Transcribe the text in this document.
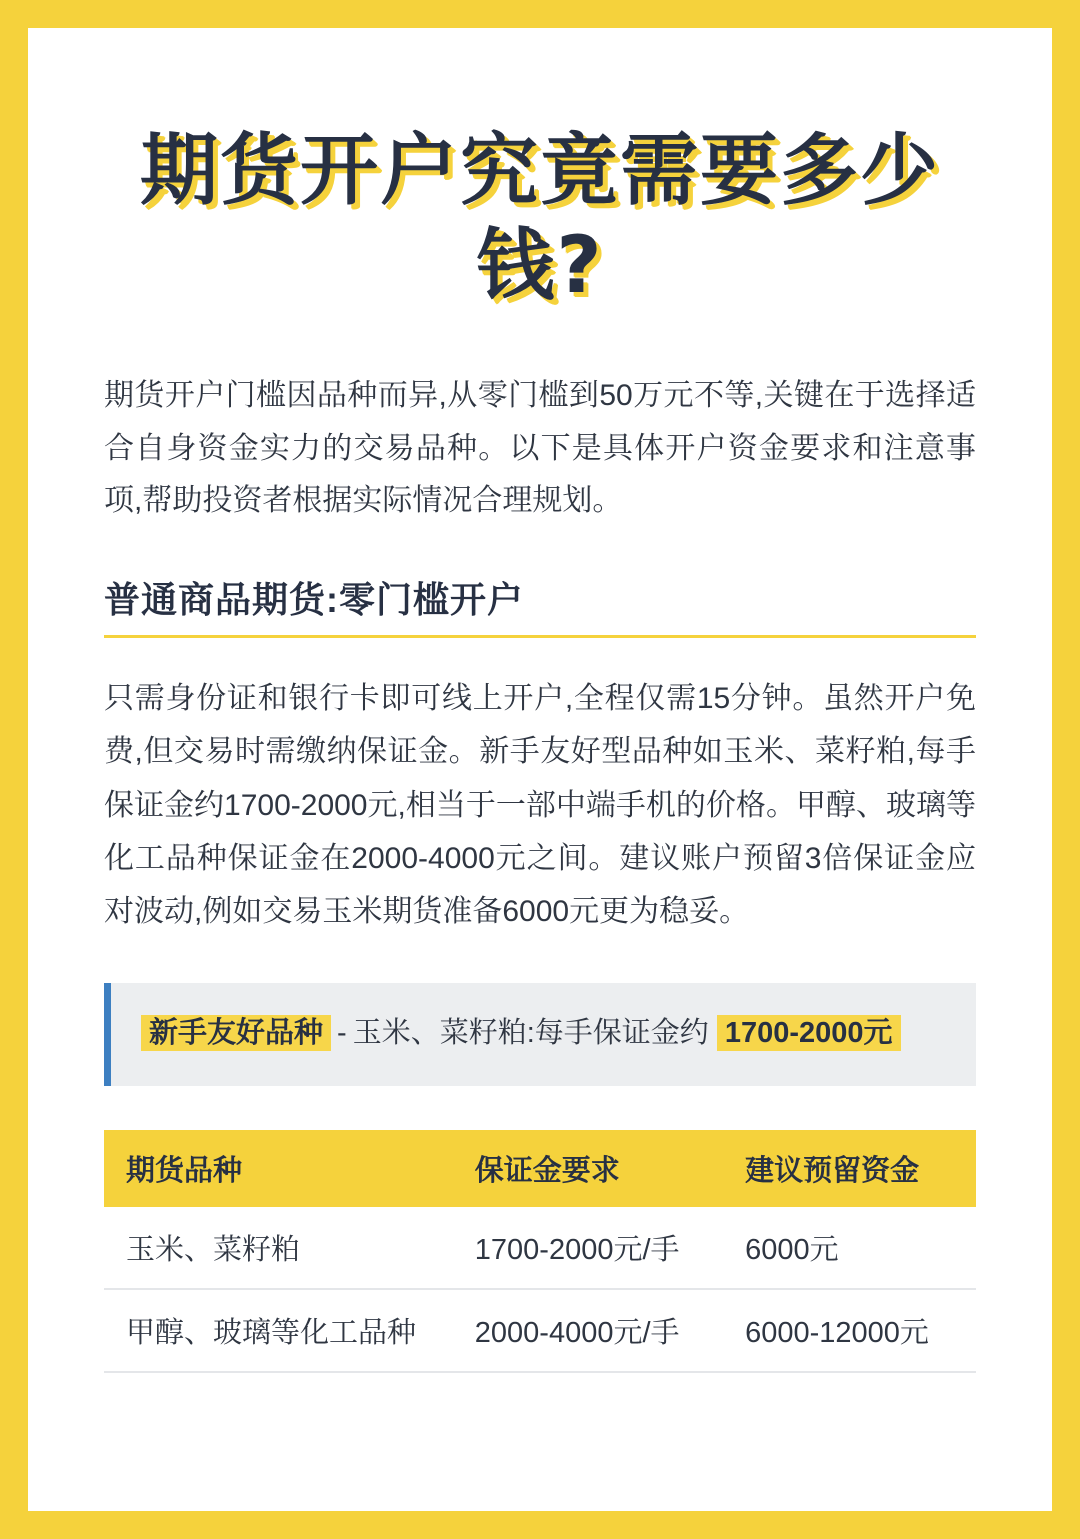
期货开户究竟需要多少钱?

期货开户门槛因品种而异,从零门槛到50万元不等,关键在于选择适合自身资金实力的交易品种。以下是具体开户资金要求和注意事项,帮助投资者根据实际情况合理规划。

普通商品期货:零门槛开户

只需身份证和银行卡即可线上开户,全程仅需15分钟。虽然开户免费,但交易时需缴纳保证金。新手友好型品种如玉米、菜籽粕,每手保证金约1700-2000元,相当于一部中端手机的价格。甲醇、玻璃等化工品种保证金在2000-4000元之间。建议账户预留3倍保证金应对波动,例如交易玉米期货准备6000元更为稳妥。

新手友好品种 - 玉米、菜籽粕:每手保证金约 1700-2000元
期货品种	保证金要求	建议预留资金
玉米、菜籽粕	1700-2000元/手	6000元
甲醇、玻璃等化工品种	2000-4000元/手	6000-12000元
